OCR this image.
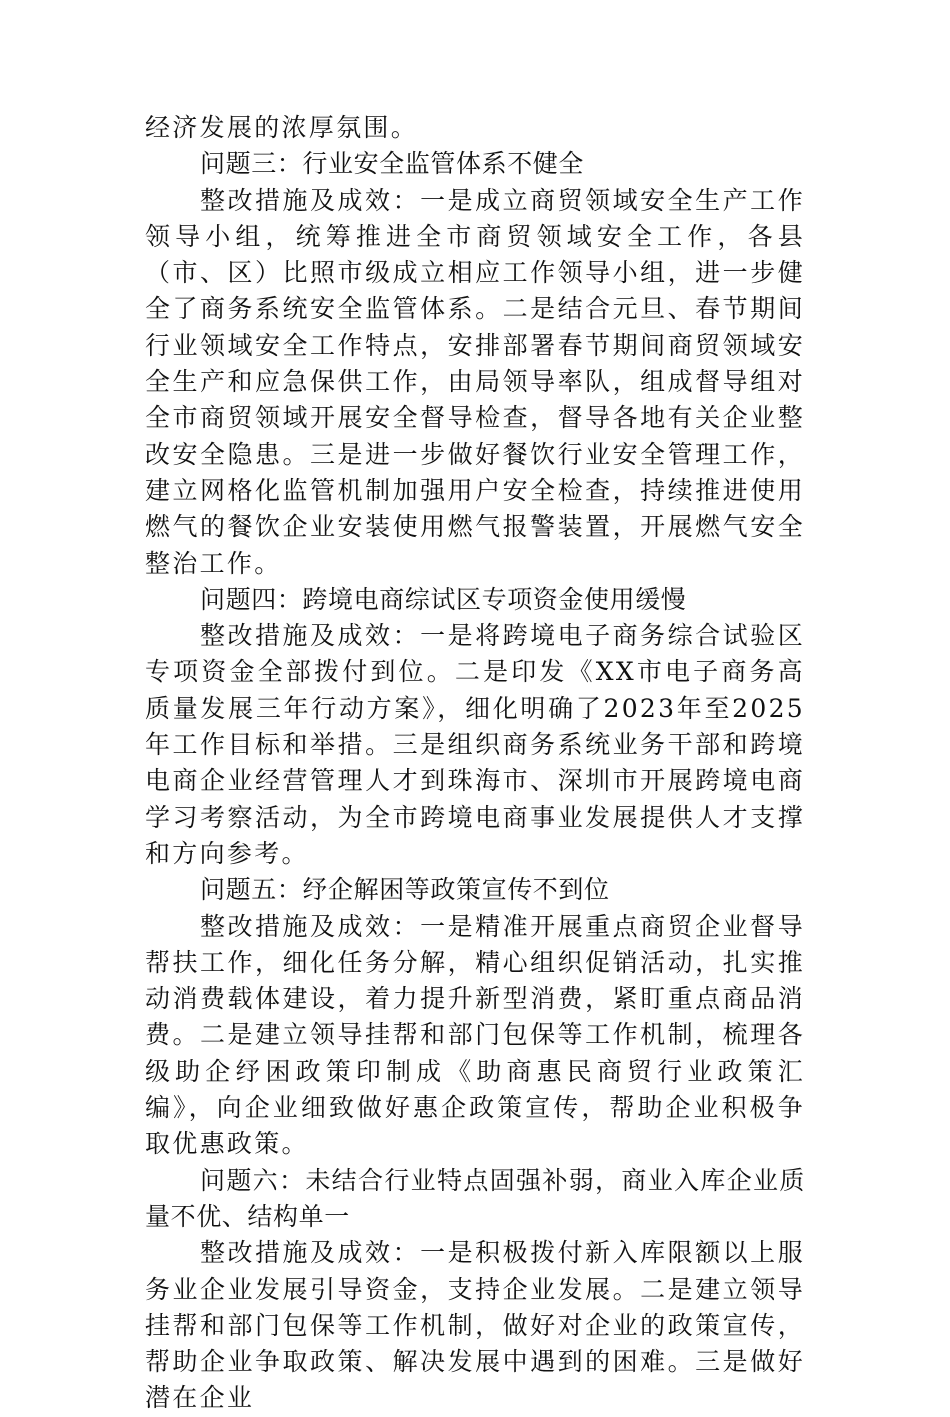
经济发展的浓厚氛围。

问题三：行业安全监管体系不健全

整改措施及成效：一是成立商贸领域安全生产工作领导小组，统筹推进全市商贸领域安全工作，各县（市、区）比照市级成立相应工作领导小组，进一步健全了商务系统安全监管体系。二是结合元旦、春节期间行业领域安全工作特点，安排部署春节期间商贸领域安全生产和应急保供工作，由局领导率队，组成督导组对全市商贸领域开展安全督导检查，督导各地有关企业整改安全隐患。三是进一步做好餐饮行业安全管理工作，建立网格化监管机制加强用户安全检查，持续推进使用燃气的餐饮企业安装使用燃气报警装置，开展燃气安全整治工作。

问题四：跨境电商综试区专项资金使用缓慢

整改措施及成效：一是将跨境电子商务综合试验区专项资金全部拨付到位。二是印发《XX市电子商务高质量发展三年行动方案》，细化明确了2023年至2025年工作目标和举措。三是组织商务系统业务干部和跨境电商企业经营管理人才到珠海市、深圳市开展跨境电商学习考察活动，为全市跨境电商事业发展提供人才支撑和方向参考。

问题五：纾企解困等政策宣传不到位

整改措施及成效：一是精准开展重点商贸企业督导帮扶工作，细化任务分解，精心组织促销活动，扎实推动消费载体建设，着力提升新型消费，紧盯重点商品消费。二是建立领导挂帮和部门包保等工作机制，梳理各级助企纾困政策印制成《助商惠民商贸行业政策汇编》，向企业细致做好惠企政策宣传，帮助企业积极争取优惠政策。

问题六：未结合行业特点固强补弱，商业入库企业质量不优、结构单一

整改措施及成效：一是积极拨付新入库限额以上服务业企业发展引导资金，支持企业发展。二是建立领导挂帮和部门包保等工作机制，做好对企业的政策宣传，帮助企业争取政策、解决发展中遇到的困难。三是做好潜在企业
